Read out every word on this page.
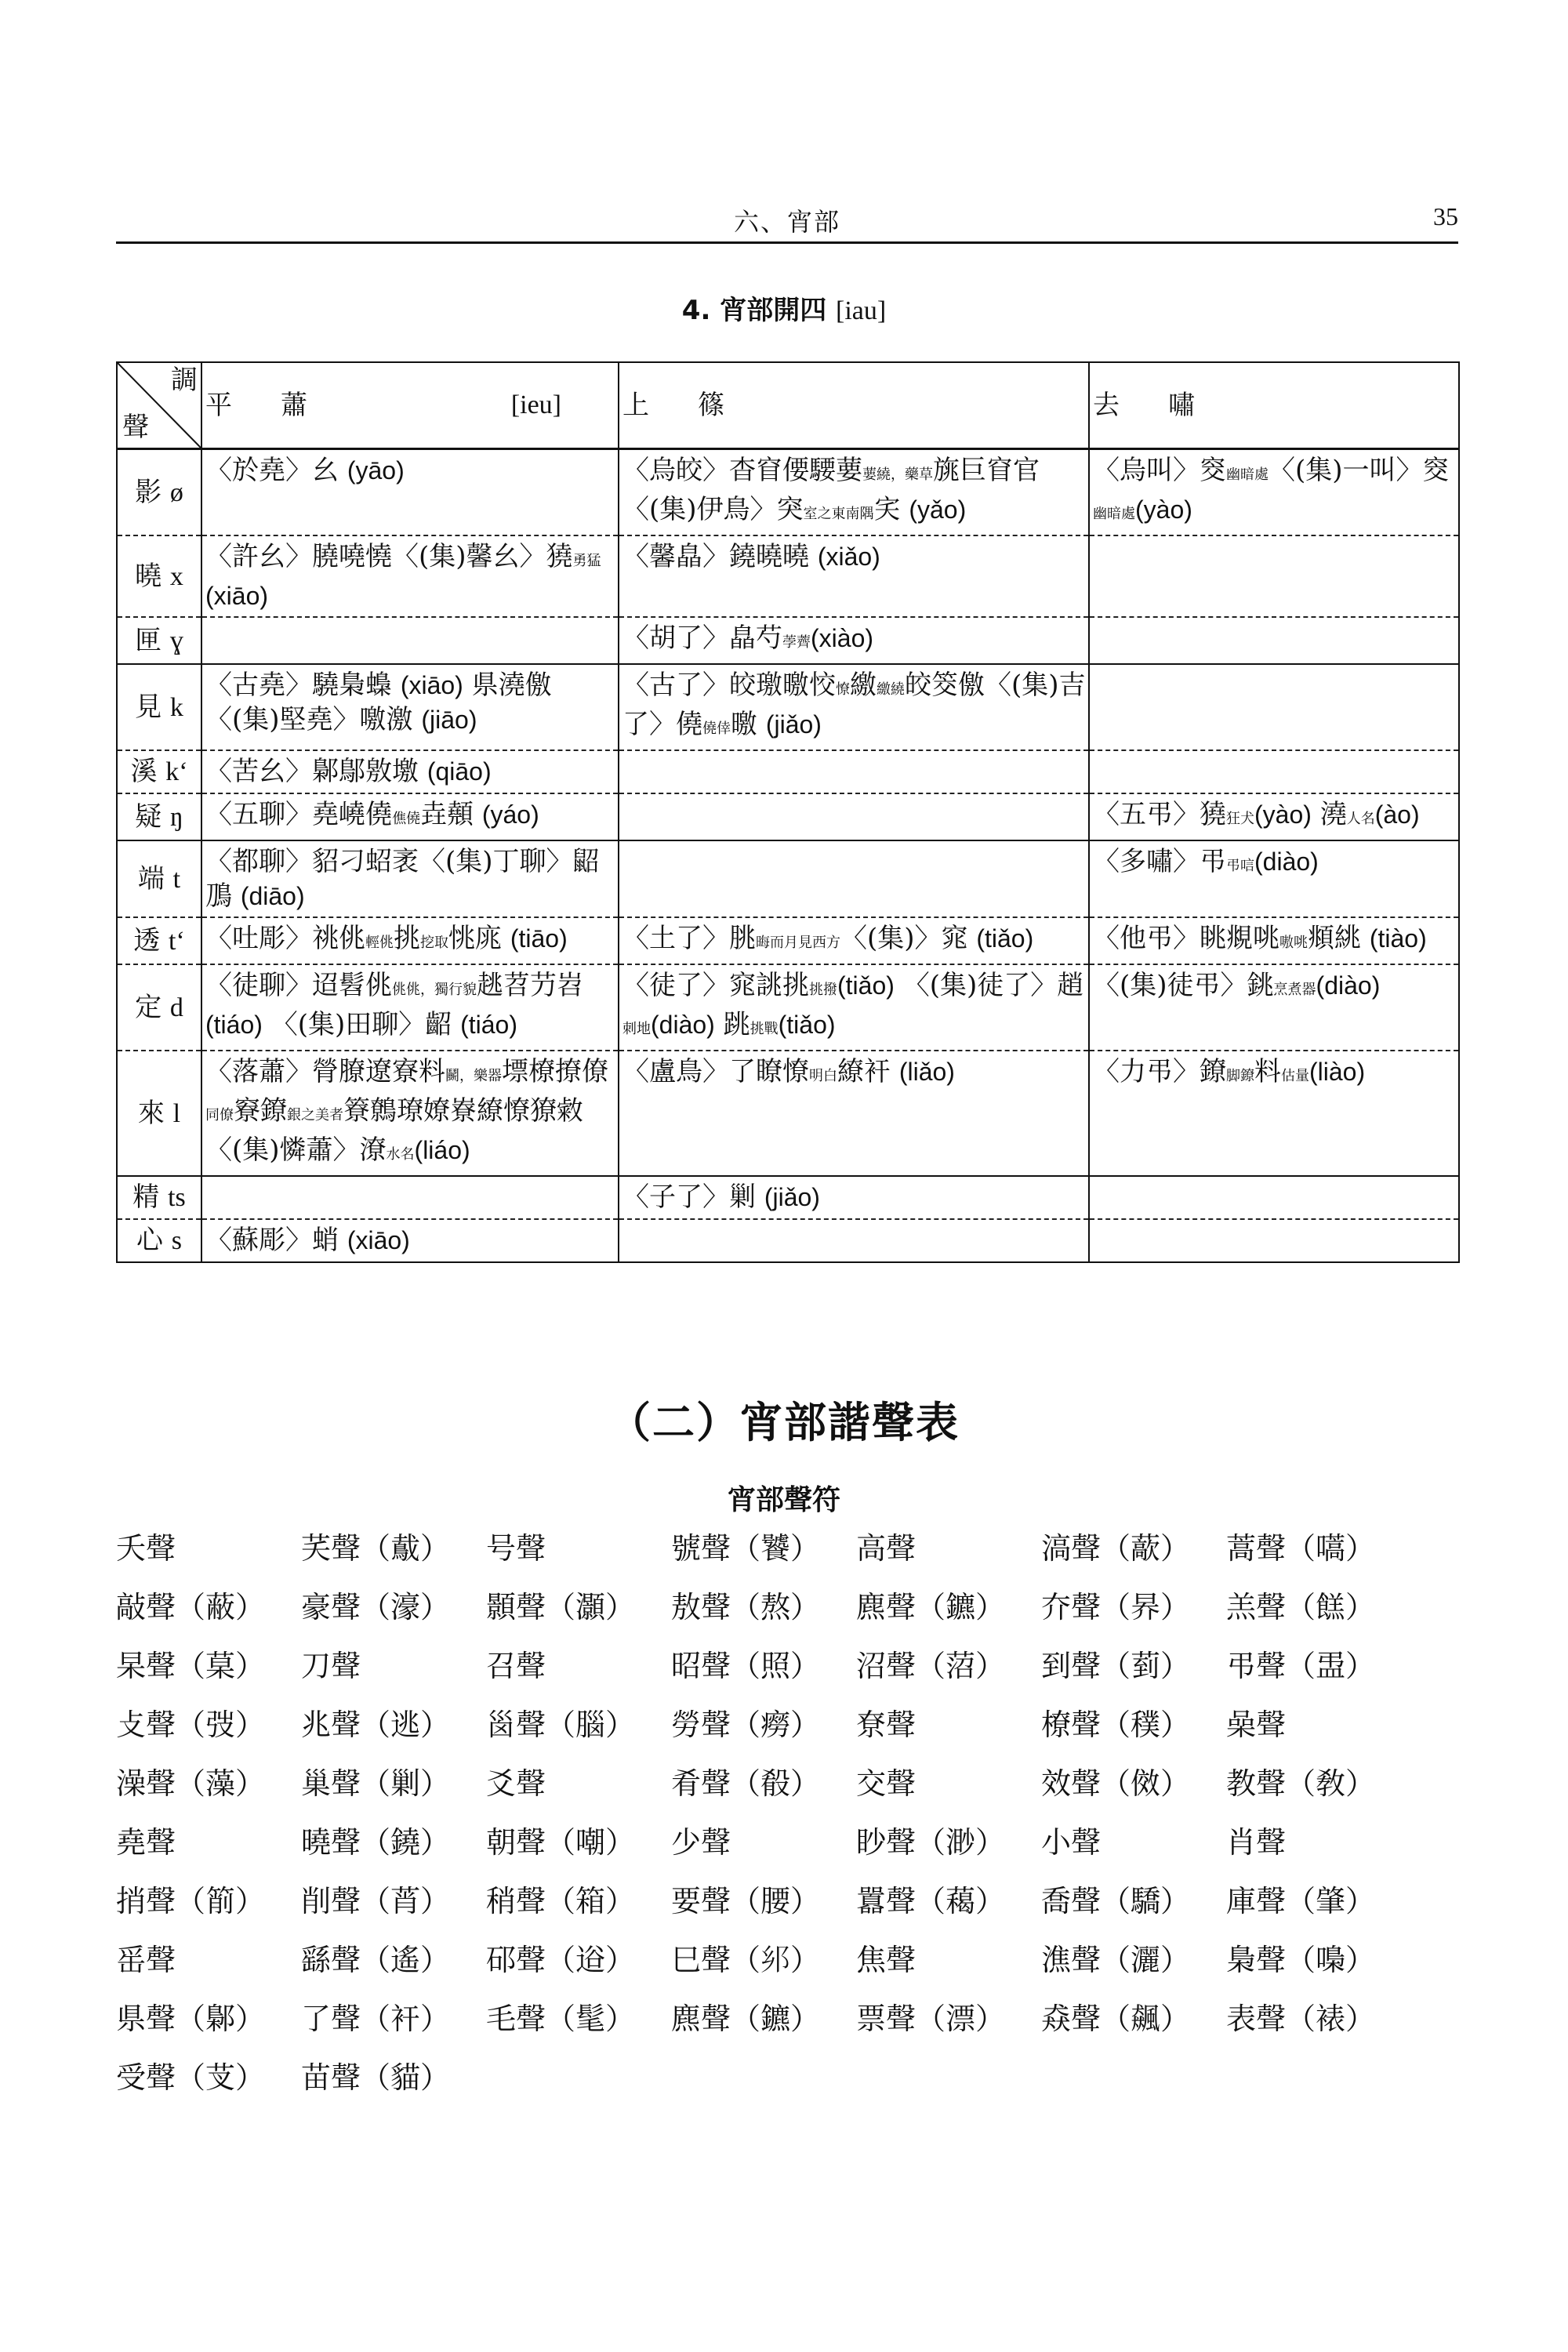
六、宵部	35
4. 宵部開四 [iau]
調
聲	平 蕭 [ieu]	上 篠	去 嘯

影 ø	〈於堯〉幺 (yāo)	〈烏皎〉杳窅偠騕葽葽繞，藥草旐巨窅官〈(集)伊鳥〉突室之東南隅宎 (yǎo)	〈烏叫〉窔幽暗處〈(集)一叫〉窔幽暗處(yào)
曉 x	〈許幺〉膮嘵憢〈(集)馨幺〉獟勇猛(xiāo)	〈馨皛〉鐃曉曉 (xiǎo)	
匣 ɣ		〈胡了〉皛芍荸薺(xiào)	
見 k	〈古堯〉驍梟蟂 (xiāo) 県澆儌〈(集)堅堯〉噭激 (jiāo)	〈古了〉皎璬曒恔憭繳繳繞皎筊儌〈(集)吉了〉僥僥倖曒 (jiǎo)	
溪 k‘	〈苦幺〉鄡鄥敫墽 (qiāo)		
疑 ŋ	〈五聊〉堯嶢僥僬僥垚顤 (yáo)		〈五弔〉獟狂犬(yào) 澆人名(ào)
端 t	〈都聊〉貂刁蛁袤〈(集)丁聊〉鼦鳭 (diāo)		〈多嘯〉弔弔唁(diào)
透 t‘	〈吐彫〉祧佻輕佻挑挖取恌庣 (tiāo)	〈土了〉朓晦而月見西方〈(集)〉窕 (tiǎo)	〈他弔〉眺覜咷嗷咷頫絩 (tiào)
定 d	〈徒聊〉迢髫佻佻佻，獨行貌趒苕芀岧 (tiáo) 〈(集)田聊〉齠 (tiáo)	〈徒了〉窕誂挑挑撥(tiǎo) 〈(集)徒了〉趙刺地(diào) 跳挑戰(tiǎo)	〈(集)徒弔〉銚烹煮器(diào)
來 l	〈落蕭〉膋膫遼寮料鬭，樂器墂橑撩僚同僚竂鐐銀之美者簝鷯璙嫽嶚繚憭獠敹〈(集)憐蕭〉潦水名(liáo)	〈盧鳥〉了瞭憭明白繚衦 (liǎo)	〈力弔〉鐐脚鐐料估量(liào)
精 ts		〈子了〉剿 (jiǎo)	
心 s	〈蘇彫〉蛸 (xiāo)		
（二）宵部諧聲表
宵部聲符
夭聲	芺聲（䳒）	号聲	號聲（饕）	高聲	滈聲（藃）	蒿聲（嚆）
敲聲（蔽）	豪聲（濠）	顥聲（灝）	敖聲（熬）	麃聲（鑣）	夰聲（昦）	羔聲（餻）
杲聲（菒）	刀聲	召聲	昭聲（照）	沼聲（菬）	到聲（菿）	弔聲（盄）
攴聲（弢）	兆聲（逃）	𡿺聲（腦）	勞聲（癆）	尞聲	橑聲（穙）	喿聲
澡聲（藻）	巢聲（剿）	爻聲	肴聲（殽）	交聲	效聲（傚）	教聲（敎）
堯聲	曉聲（鐃）	朝聲（嘲）	少聲	眇聲（渺）	小聲	肖聲
捎聲（箾）	削聲（莦）	稍聲（箱）	要聲（腰）	囂聲（藒）	喬聲（驕）	庫聲（肇）
䍃聲	繇聲（遙）	䂙聲（逧）	巳聲（𨙵）	焦聲	潐聲（灑）	梟聲（嘄）
県聲（鄡）	了聲（衦）	毛聲（髦）	麃聲（鑣）	票聲（漂）	猋聲（飆）	表聲（裱）
受聲（芆）	苗聲（貓）
